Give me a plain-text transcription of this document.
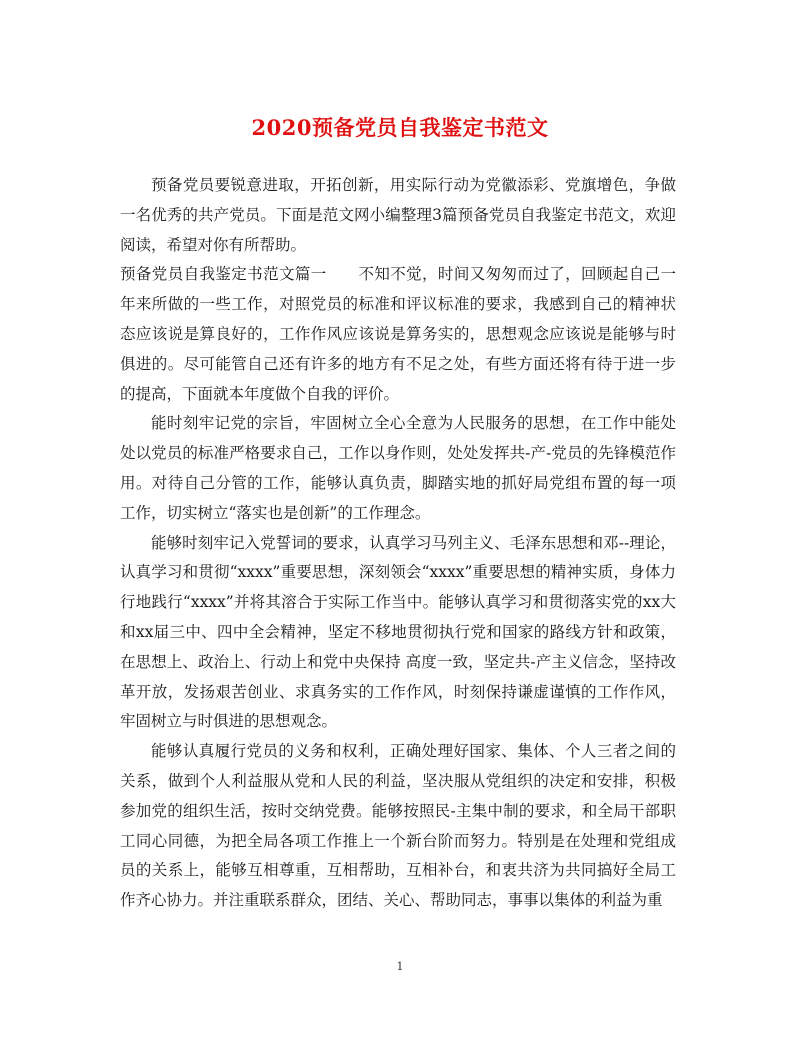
2020预备党员自我鉴定书范文

预备党员要锐意进取，开拓创新，用实际行动为党徽添彩、党旗增色，争做一名优秀的共产党员。下面是范文网小编整理3篇预备党员自我鉴定书范文，欢迎阅读，希望对你有所帮助。

预备党员自我鉴定书范文篇一　　不知不觉，时间又匆匆而过了，回顾起自己一年来所做的一些工作，对照党员的标准和评议标准的要求，我感到自己的精神状态应该说是算良好的，工作作风应该说是算务实的，思想观念应该说是能够与时俱进的。尽可能管自己还有许多的地方有不足之处，有些方面还将有待于进一步的提高，下面就本年度做个自我的评价。

能时刻牢记党的宗旨，牢固树立全心全意为人民服务的思想，在工作中能处处以党员的标准严格要求自己，工作以身作则，处处发挥共-产-党员的先锋模范作用。对待自己分管的工作，能够认真负责，脚踏实地的抓好局党组布置的每一项工作，切实树立“落实也是创新”的工作理念。

能够时刻牢记入党誓词的要求，认真学习马列主义、毛泽东思想和邓--理论，认真学习和贯彻“xxxx”重要思想，深刻领会“xxxx”重要思想的精神实质，身体力行地践行“xxxx”并将其溶合于实际工作当中。能够认真学习和贯彻落实党的xx大和xx届三中、四中全会精神，坚定不移地贯彻执行党和国家的路线方针和政策，在思想上、政治上、行动上和党中央保持 高度一致，坚定共-产主义信念，坚持改革开放，发扬艰苦创业、求真务实的工作作风，时刻保持谦虚谨慎的工作作风，牢固树立与时俱进的思想观念。

能够认真履行党员的义务和权利，正确处理好国家、集体、个人三者之间的关系，做到个人利益服从党和人民的利益，坚决服从党组织的决定和安排，积极参加党的组织生活，按时交纳党费。能够按照民-主集中制的要求，和全局干部职工同心同德，为把全局各项工作推上一个新台阶而努力。特别是在处理和党组成员的关系上，能够互相尊重，互相帮助，互相补台，和衷共济为共同搞好全局工作齐心协力。并注重联系群众，团结、关心、帮助同志，事事以集体的利益为重

1
